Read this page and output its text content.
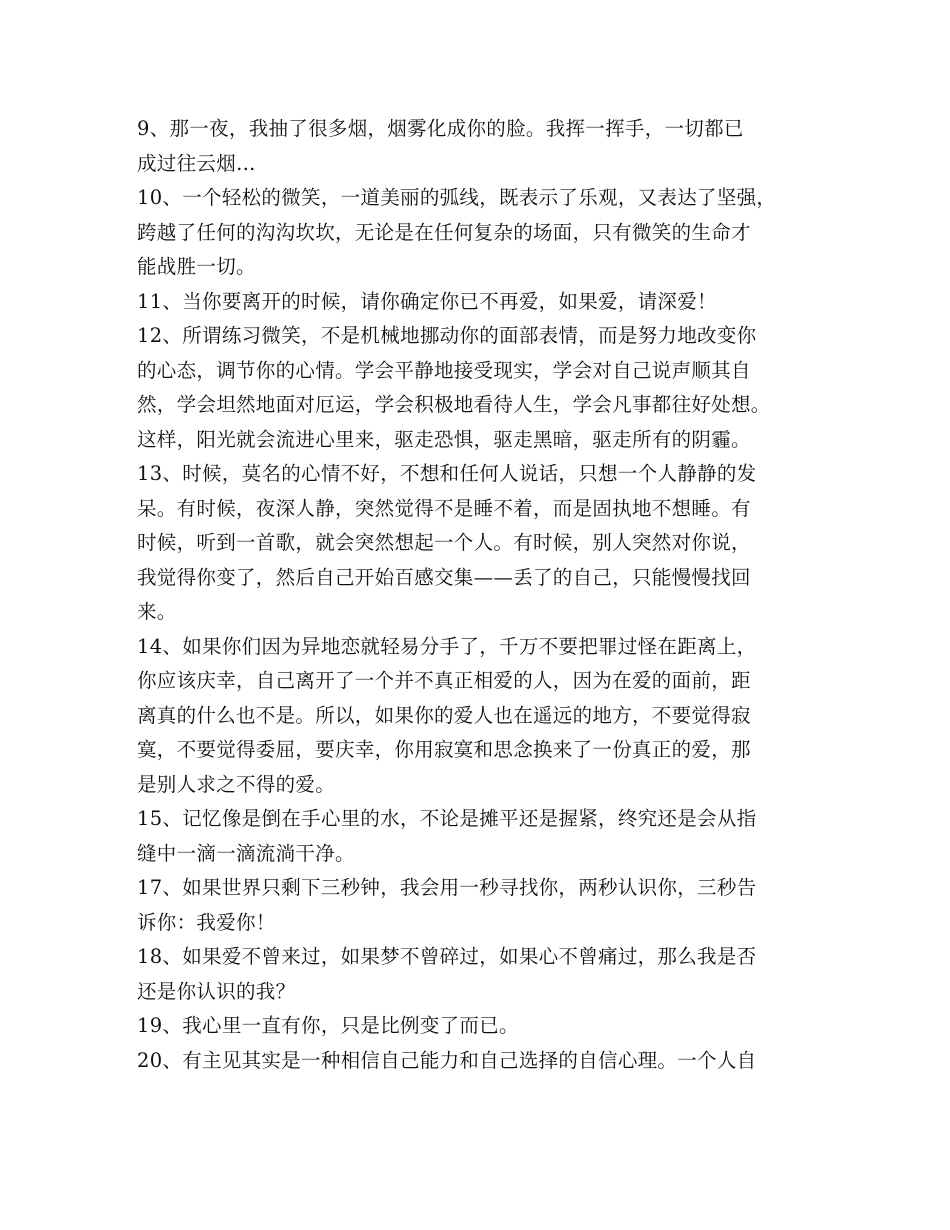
9、那一夜，我抽了很多烟，烟雾化成你的脸。我挥一挥手，一切都已
成过往云烟…
10、一个轻松的微笑，一道美丽的弧线，既表示了乐观，又表达了坚强，
跨越了任何的沟沟坎坎，无论是在任何复杂的场面，只有微笑的生命才
能战胜一切。
11、当你要离开的时候，请你确定你已不再爱，如果爱，请深爱！
12、所谓练习微笑，不是机械地挪动你的面部表情，而是努力地改变你
的心态，调节你的心情。学会平静地接受现实，学会对自己说声顺其自
然，学会坦然地面对厄运，学会积极地看待人生，学会凡事都往好处想。
这样，阳光就会流进心里来，驱走恐惧，驱走黑暗，驱走所有的阴霾。
13、时候，莫名的心情不好，不想和任何人说话，只想一个人静静的发
呆。有时候，夜深人静，突然觉得不是睡不着，而是固执地不想睡。有
时候，听到一首歌，就会突然想起一个人。有时候，别人突然对你说，
我觉得你变了，然后自己开始百感交集——丢了的自己，只能慢慢找回
来。
14、如果你们因为异地恋就轻易分手了，千万不要把罪过怪在距离上，
你应该庆幸，自己离开了一个并不真正相爱的人，因为在爱的面前，距
离真的什么也不是。所以，如果你的爱人也在遥远的地方，不要觉得寂
寞，不要觉得委屈，要庆幸，你用寂寞和思念换来了一份真正的爱，那
是别人求之不得的爱。
15、记忆像是倒在手心里的水，不论是摊平还是握紧，终究还是会从指
缝中一滴一滴流淌干净。
17、如果世界只剩下三秒钟，我会用一秒寻找你，两秒认识你，三秒告
诉你：我爱你！
18、如果爱不曾来过，如果梦不曾碎过，如果心不曾痛过，那么我是否
还是你认识的我？
19、我心里一直有你，只是比例变了而已。
20、有主见其实是一种相信自己能力和自己选择的自信心理。一个人自
